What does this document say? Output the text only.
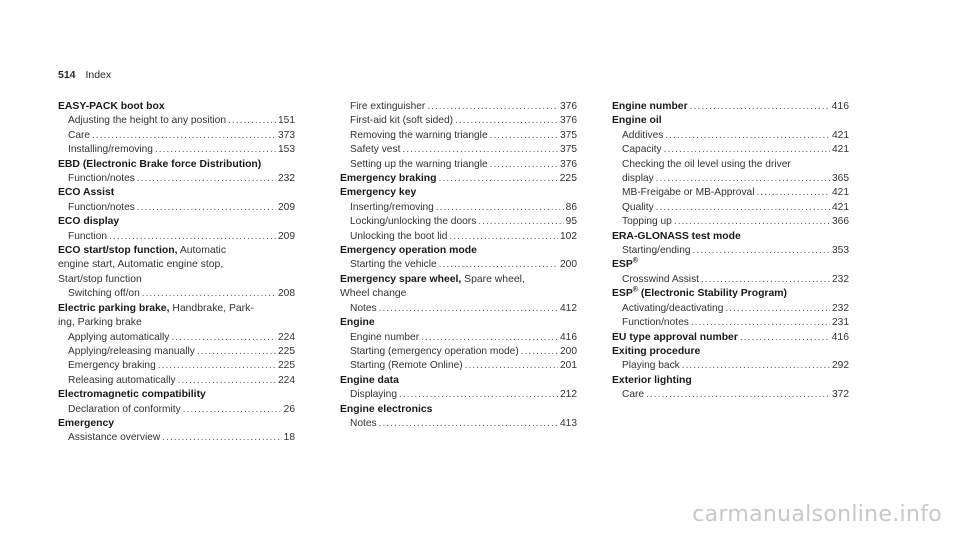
514 Index
EASY-PACK boot box
Adjusting the height to any position .....	151
Care .....	373
Installing/removing .....	153
EBD (Electronic Brake force Distribution)
Function/notes .....	232
ECO Assist
Function/notes .....	209
ECO display
Function .....	209
ECO start/stop function, Automatic
engine start, Automatic engine stop,
Start/stop function
Switching off/on .....	208
Electric parking brake, Handbrake, Park-
ing, Parking brake
Applying automatically .....	224
Applying/releasing manually .....	225
Emergency braking .....	225
Releasing automatically .....	224
Electromagnetic compatibility
Declaration of conformity .....	26
Emergency
Assistance overview .....	18
Fire extinguisher .....	376
First-aid kit (soft sided) .....	376
Removing the warning triangle .....	375
Safety vest .....	375
Setting up the warning triangle .....	376
Emergency braking .....	225
Emergency key
Inserting/removing .....	86
Locking/unlocking the doors .....	95
Unlocking the boot lid .....	102
Emergency operation mode
Starting the vehicle .....	200
Emergency spare wheel, Spare wheel,
Wheel change
Notes .....	412
Engine
Engine number .....	416
Starting (emergency operation mode) .....	200
Starting (Remote Online) .....	201
Engine data
Displaying .....	212
Engine electronics
Notes .....	413
Engine number .....	416
Engine oil
Additives .....	421
Capacity .....	421
Checking the oil level using the driver
display .....	365
MB-Freigabe or MB-Approval .....	421
Quality .....	421
Topping up .....	366
ERA-GLONASS test mode
Starting/ending .....	353
ESP®
Crosswind Assist .....	232
ESP® (Electronic Stability Program)
Activating/deactivating .....	232
Function/notes .....	231
EU type approval number .....	416
Exiting procedure
Playing back .....	292
Exterior lighting
Care .....	372
carmanualsonline.info
